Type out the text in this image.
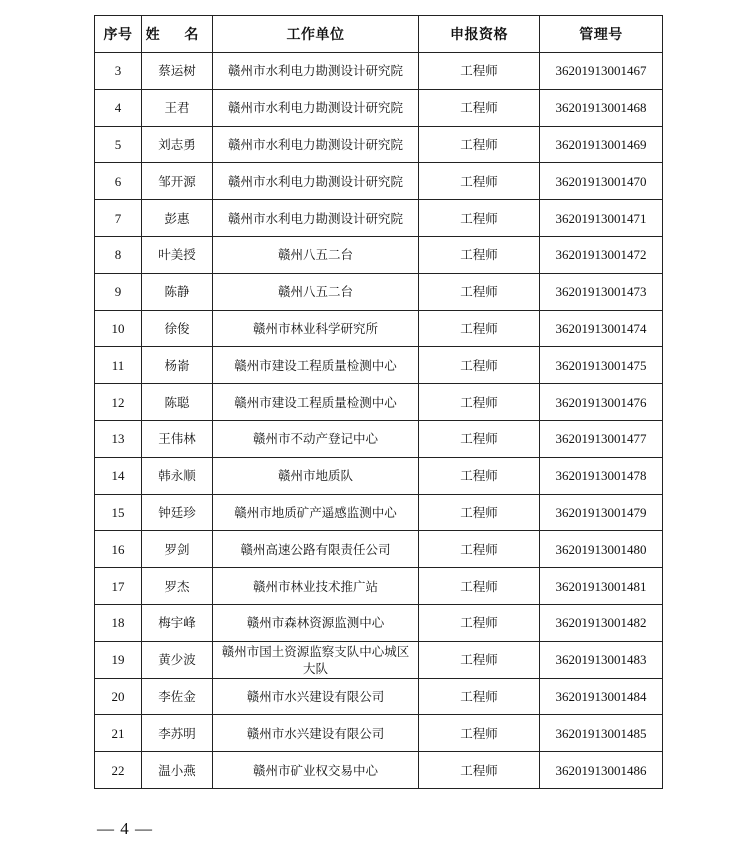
序号	姓 名	工作单位	申报资格	管理号
3	蔡运树	赣州市水利电力勘测设计研究院	工程师	36201913001467
4	王君	赣州市水利电力勘测设计研究院	工程师	36201913001468
5	刘志勇	赣州市水利电力勘测设计研究院	工程师	36201913001469
6	邹开源	赣州市水利电力勘测设计研究院	工程师	36201913001470
7	彭惠	赣州市水利电力勘测设计研究院	工程师	36201913001471
8	叶美授	赣州八五二台	工程师	36201913001472
9	陈静	赣州八五二台	工程师	36201913001473
10	徐俊	赣州市林业科学研究所	工程师	36201913001474
11	杨嵛	赣州市建设工程质量检测中心	工程师	36201913001475
12	陈聪	赣州市建设工程质量检测中心	工程师	36201913001476
13	王伟林	赣州市不动产登记中心	工程师	36201913001477
14	韩永顺	赣州市地质队	工程师	36201913001478
15	钟廷珍	赣州市地质矿产遥感监测中心	工程师	36201913001479
16	罗剑	赣州高速公路有限责任公司	工程师	36201913001480
17	罗杰	赣州市林业技术推广站	工程师	36201913001481
18	梅宇峰	赣州市森林资源监测中心	工程师	36201913001482
19	黄少波	赣州市国土资源监察支队中心城区大队	工程师	36201913001483
20	李佐金	赣州市水兴建设有限公司	工程师	36201913001484
21	李苏明	赣州市水兴建设有限公司	工程师	36201913001485
22	温小燕	赣州市矿业权交易中心	工程师	36201913001486
— 4 —
